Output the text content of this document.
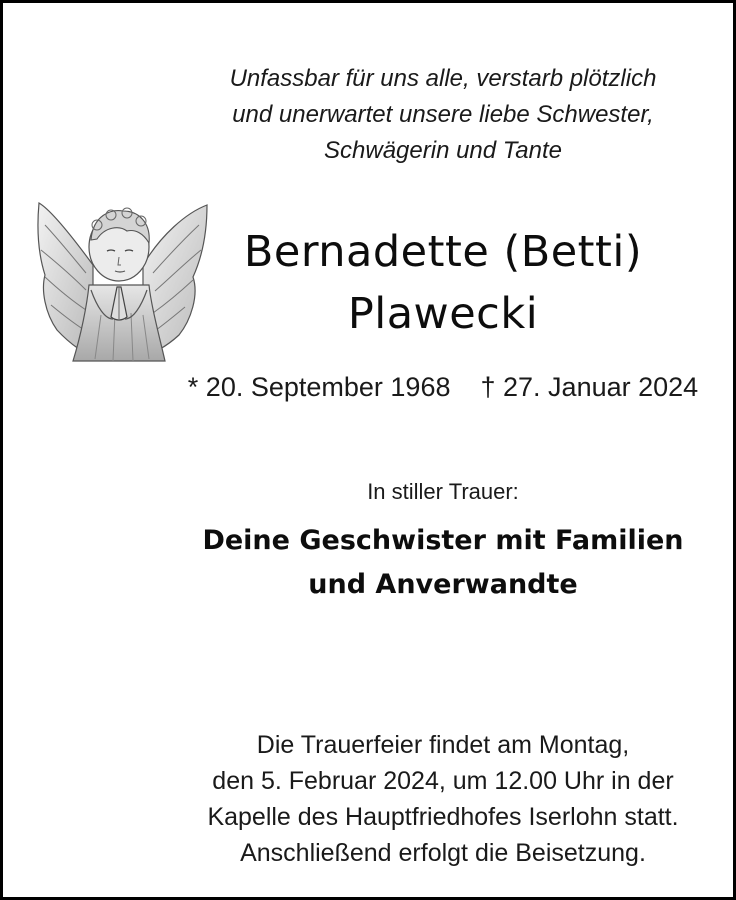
Unfassbar für uns alle, verstarb plötzlich
und unerwartet unsere liebe Schwester,
Schwägerin und Tante
Bernadette (Betti)
Plawecki
* 20. September 1968 † 27. Januar 2024
In stiller Trauer:
Deine Geschwister mit Familien
und Anverwandte
Die Trauerfeier findet am Montag,
den 5. Februar 2024, um 12.00 Uhr in der
Kapelle des Hauptfriedhofes Iserlohn statt.
Anschließend erfolgt die Beisetzung.
